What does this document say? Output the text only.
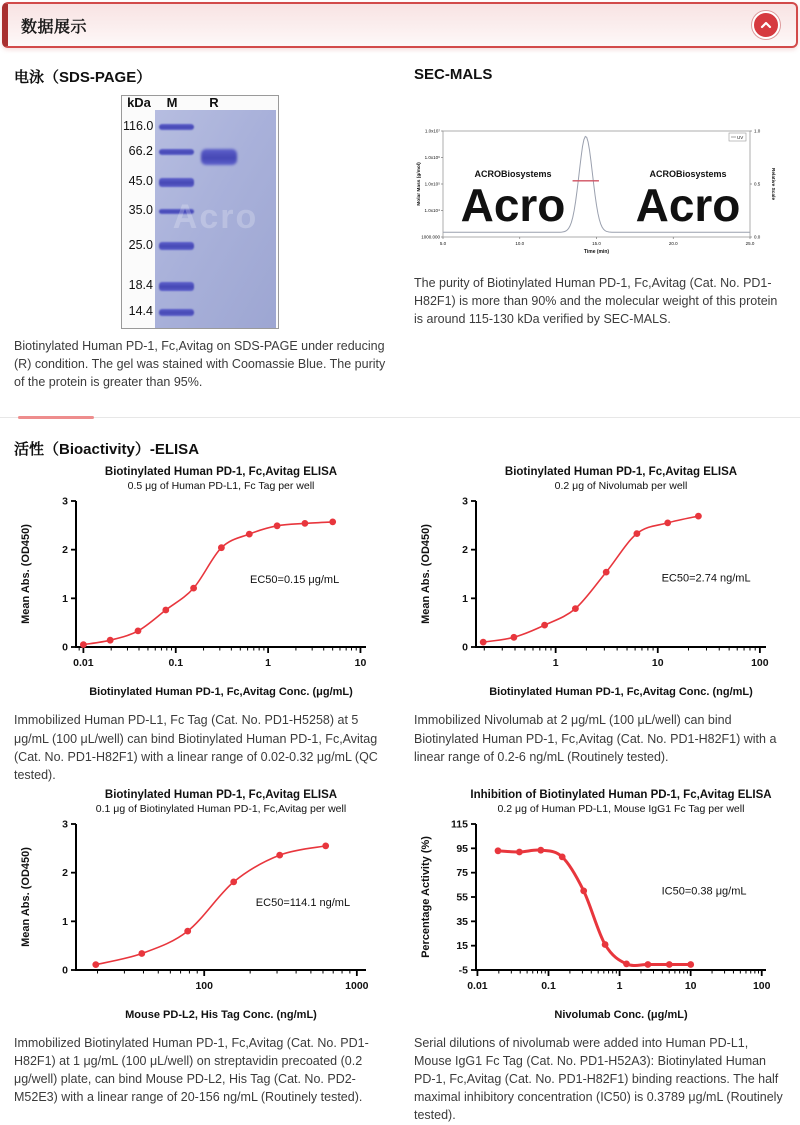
数据展示
电泳（SDS-PAGE）
kDa M R
Acro
116.0
66.2
45.0
35.0
25.0
18.4
14.4

Biotinylated Human PD-1, Fc,Avitag on SDS-PAGE under reducing (R) condition. The gel was stained with Coomassie Blue. The purity of the protein is greater than 95%.

SEC-MALS
ACROBiosystems
Acro
ACROBiosystems
Acro
1.0x10⁷
1.0x10⁶
1.0x10⁵
1.0x10⁴
1000.000
Molar Mass (g/mol)
1.0
0.5
0.0
Relative Scale
5.0	10.0	15.0	20.0	25.0
Time (min)
UV

The purity of Biotinylated Human PD-1, Fc,Avitag (Cat. No. PD1-H82F1) is more than 90% and the molecular weight of this protein is around 115-130 kDa verified by SEC-MALS.

活性（Bioactivity）-ELISA
Biotinylated Human PD-1, Fc,Avitag ELISA
0.5 μg of Human PD-L1, Fc Tag per well
0
1
2
3
0.01	0.1	1	10
Biotinylated Human PD-1, Fc,Avitag Conc. (μg/mL)
Mean Abs. (OD450)	EC50=0.15 μg/mL

Immobilized Human PD-L1, Fc Tag (Cat. No. PD1-H5258) at 5 μg/mL (100 μL/well) can bind Biotinylated Human PD-1, Fc,Avitag (Cat. No. PD1-H82F1) with a linear range of 0.02-0.32 μg/mL (QC tested).

Biotinylated Human PD-1, Fc,Avitag ELISA
0.2 μg of Nivolumab per well
0
1
2
3
1	10	100
Biotinylated Human PD-1, Fc,Avitag Conc. (ng/mL)
Mean Abs. (OD450)	EC50=2.74 ng/mL

Immobilized Nivolumab at 2 μg/mL (100 μL/well) can bind Biotinylated Human PD-1, Fc,Avitag (Cat. No. PD1-H82F1) with a linear range of 0.2-6 ng/mL (Routinely tested).

Biotinylated Human PD-1, Fc,Avitag ELISA
0.1 μg of Biotinylated Human PD-1, Fc,Avitag per well
0
1
2
3
100	1000
Mouse PD-L2, His Tag Conc. (ng/mL)
Mean Abs. (OD450)	EC50=114.1 ng/mL

Immobilized Biotinylated Human PD-1, Fc,Avitag (Cat. No. PD1-H82F1) at 1 μg/mL (100 μL/well) on streptavidin precoated (0.2 μg/well) plate, can bind Mouse PD-L2, His Tag (Cat. No. PD2-M52E3) with a linear range of 20-156 ng/mL (Routinely tested).

Inhibition of Biotinylated Human PD-1, Fc,Avitag ELISA
0.2 μg of Human PD-L1, Mouse IgG1 Fc Tag per well
-5
15
35
55
75
95
115
0.01	0.1	1	10	100
Nivolumab Conc. (μg/mL)
Percentage Activity (%)	IC50=0.38 μg/mL

Serial dilutions of nivolumab were added into Human PD-L1, Mouse IgG1 Fc Tag (Cat. No. PD1-H52A3): Biotinylated Human PD-1, Fc,Avitag (Cat. No. PD1-H82F1) binding reactions. The half maximal inhibitory concentration (IC50) is 0.3789 μg/mL (Routinely tested).
